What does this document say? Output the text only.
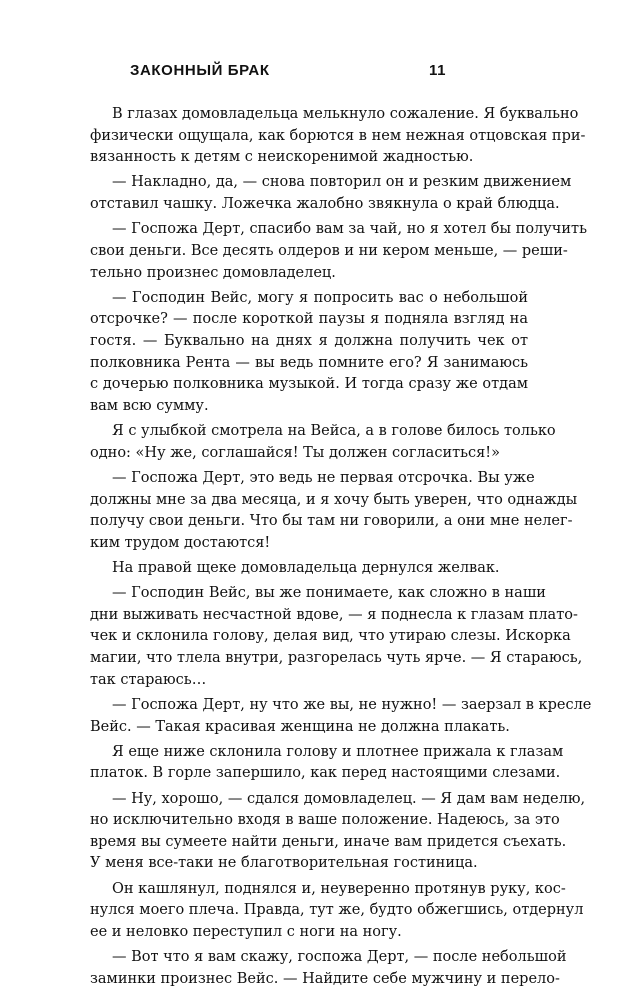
ЗАКОННЫЙ БРАК	11
В глазах домовладельца мелькнуло сожаление. Я буквально
физически ощущала, как борются в нем нежная отцовская при-
вязанность к детям с неискоренимой жадностью.
— Накладно, да, — снова повторил он и резким движением
отставил чашку. Ложечка жалобно звякнула о край блюдца.
— Госпожа Дерт, спасибо вам за чай, но я хотел бы получить
свои деньги. Все десять олдеров и ни кером меньше, — реши-
тельно произнес домовладелец.
— Господин Вейс, могу я попросить вас о небольшой
отсрочке? — после короткой паузы я подняла взгляд на
гостя. — Буквально на днях я должна получить чек от
полковника Рента — вы ведь помните его? Я занимаюсь
с дочерью полковника музыкой. И тогда сразу же отдам
вам всю сумму.
Я с улыбкой смотрела на Вейса, а в голове билось только
одно: «Ну же, соглашайся! Ты должен согласиться!»
— Госпожа Дерт, это ведь не первая отсрочка. Вы уже
должны мне за два месяца, и я хочу быть уверен, что однажды
получу свои деньги. Что бы там ни говорили, а они мне нелег-
ким трудом достаются!
На правой щеке домовладельца дернулся желвак.
— Господин Вейс, вы же понимаете, как сложно в наши
дни выживать несчастной вдове, — я поднесла к глазам плато-
чек и склонила голову, делая вид, что утираю слезы. Искорка
магии, что тлела внутри, разгорелась чуть ярче. — Я стараюсь,
так стараюсь…
— Госпожа Дерт, ну что же вы, не нужно! — заерзал в кресле
Вейс. — Такая красивая женщина не должна плакать.
Я еще ниже склонила голову и плотнее прижала к глазам
платок. В горле запершило, как перед настоящими слезами.
— Ну, хорошо, — сдался домовладелец. — Я дам вам неделю,
но исключительно входя в ваше положение. Надеюсь, за это
время вы сумеете найти деньги, иначе вам придется съехать.
У меня все-таки не благотворительная гостиница.
Он кашлянул, поднялся и, неуверенно протянув руку, кос-
нулся моего плеча. Правда, тут же, будто обжегшись, отдернул
ее и неловко переступил с ноги на ногу.
— Вот что я вам скажу, госпожа Дерт, — после небольшой
заминки произнес Вейс. — Найдите себе мужчину и перело-
